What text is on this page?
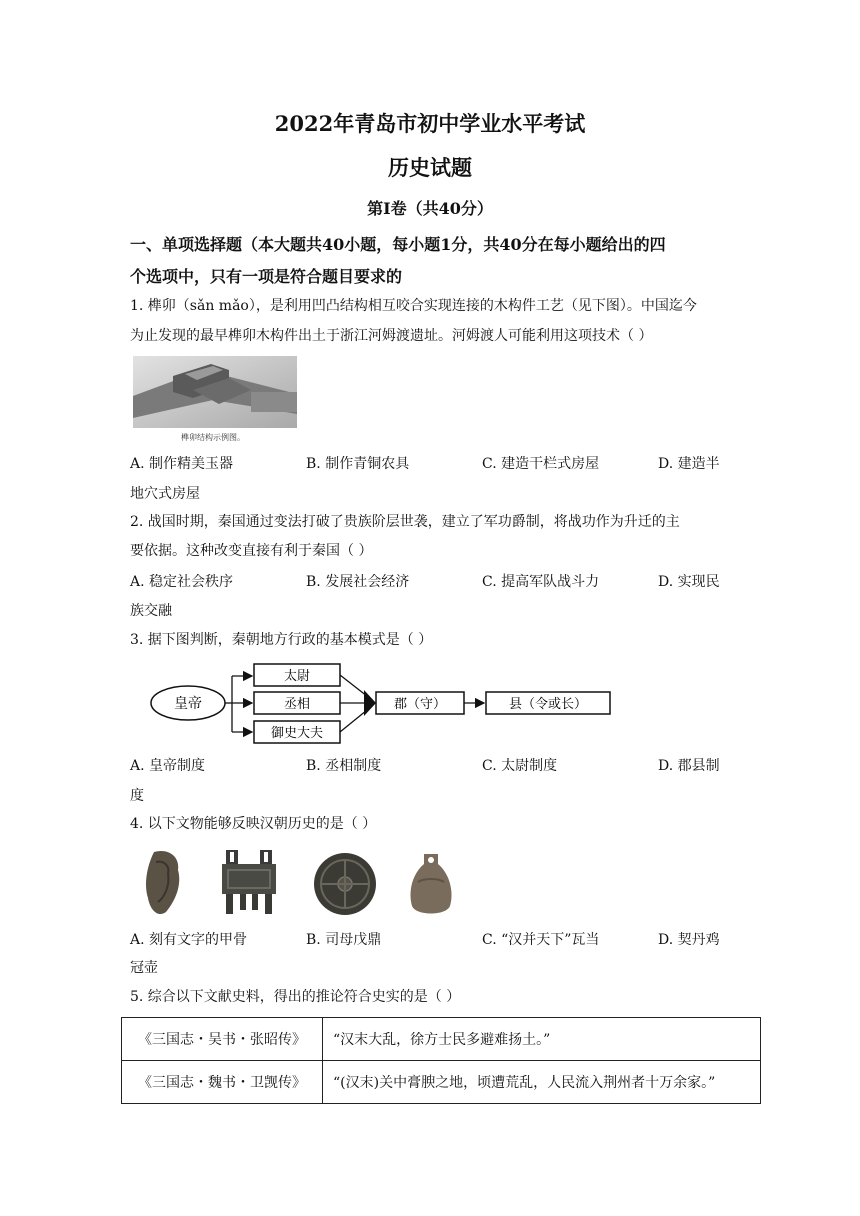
2022年青岛市初中学业水平考试
历史试题
第Ⅰ卷（共40分）
一、单项选择题（本大题共40小题，每小题1分，共40分在每小题给出的四
个选项中，只有一项是符合题目要求的
1. 榫卯（sǎn mǎo），是利用凹凸结构相互咬合实现连接的木构件工艺（见下图）。中国迄今
为止发现的最早榫卯木构件出土于浙江河姆渡遗址。河姆渡人可能利用这项技术（ ）
榫卯结构示例图。
A. 制作精美玉器	B. 制作青铜农具	C. 建造干栏式房屋	D. 建造半
地穴式房屋
2. 战国时期，秦国通过变法打破了贵族阶层世袭，建立了军功爵制，将战功作为升迁的主
要依据。这种改变直接有利于秦国（ ）
A. 稳定社会秩序	B. 发展社会经济	C. 提高军队战斗力	D. 实现民
族交融
3. 据下图判断，秦朝地方行政的基本模式是（ ）
皇帝
太尉
丞相
御史大夫
郡（守）	县（令或长）
A. 皇帝制度	B. 丞相制度	C. 太尉制度	D. 郡县制
度
4. 以下文物能够反映汉朝历史的是（ ）
A. 刻有文字的甲骨	B. 司母戊鼎	C. “汉并天下”瓦当	D. 契丹鸡
冠壶
5. 综合以下文献史料，得出的推论符合史实的是（ ）
《三国志・吴书・张昭传》	“汉末大乱，徐方士民多避难扬土。”
《三国志・魏书・卫觊传》	“(汉末)关中膏腴之地，顷遭荒乱，人民流入荆州者十万余家。”
